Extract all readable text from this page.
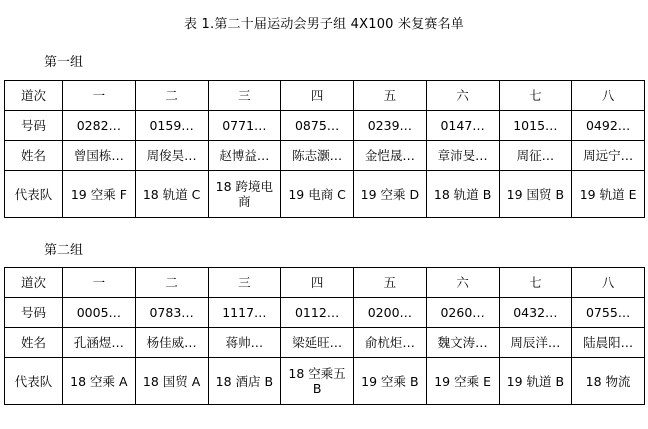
表 1.第二十届运动会男子组 4X100 米复赛名单
第一组
道次	一	二	三	四	五	六	七	八
号码	0282…	0159…	0771…	0875…	0239…	0147…	1015…	0492…
姓名	曾国栋…	周俊昊…	赵博益…	陈志灏…	金恺晟…	章沛旻…	周征…	周远宁…
代表队	19 空乘 F	18 轨道 C	18 跨境电商	19 电商 C	19 空乘 D	18 轨道 B	19 国贸 B	19 轨道 E
第二组
道次	一	二	三	四	五	六	七	八
号码	0005…	0783…	1117…	0112…	0200…	0260…	0432…	0755…
姓名	孔涵煜…	杨佳威…	蒋帅…	梁延旺…	俞杭炬…	魏文涛…	周辰洋…	陆晨阳…
代表队	18 空乘 A	18 国贸 A	18 酒店 B	18 空乘五 B	19 空乘 B	19 空乘 E	19 轨道 B	18 物流
